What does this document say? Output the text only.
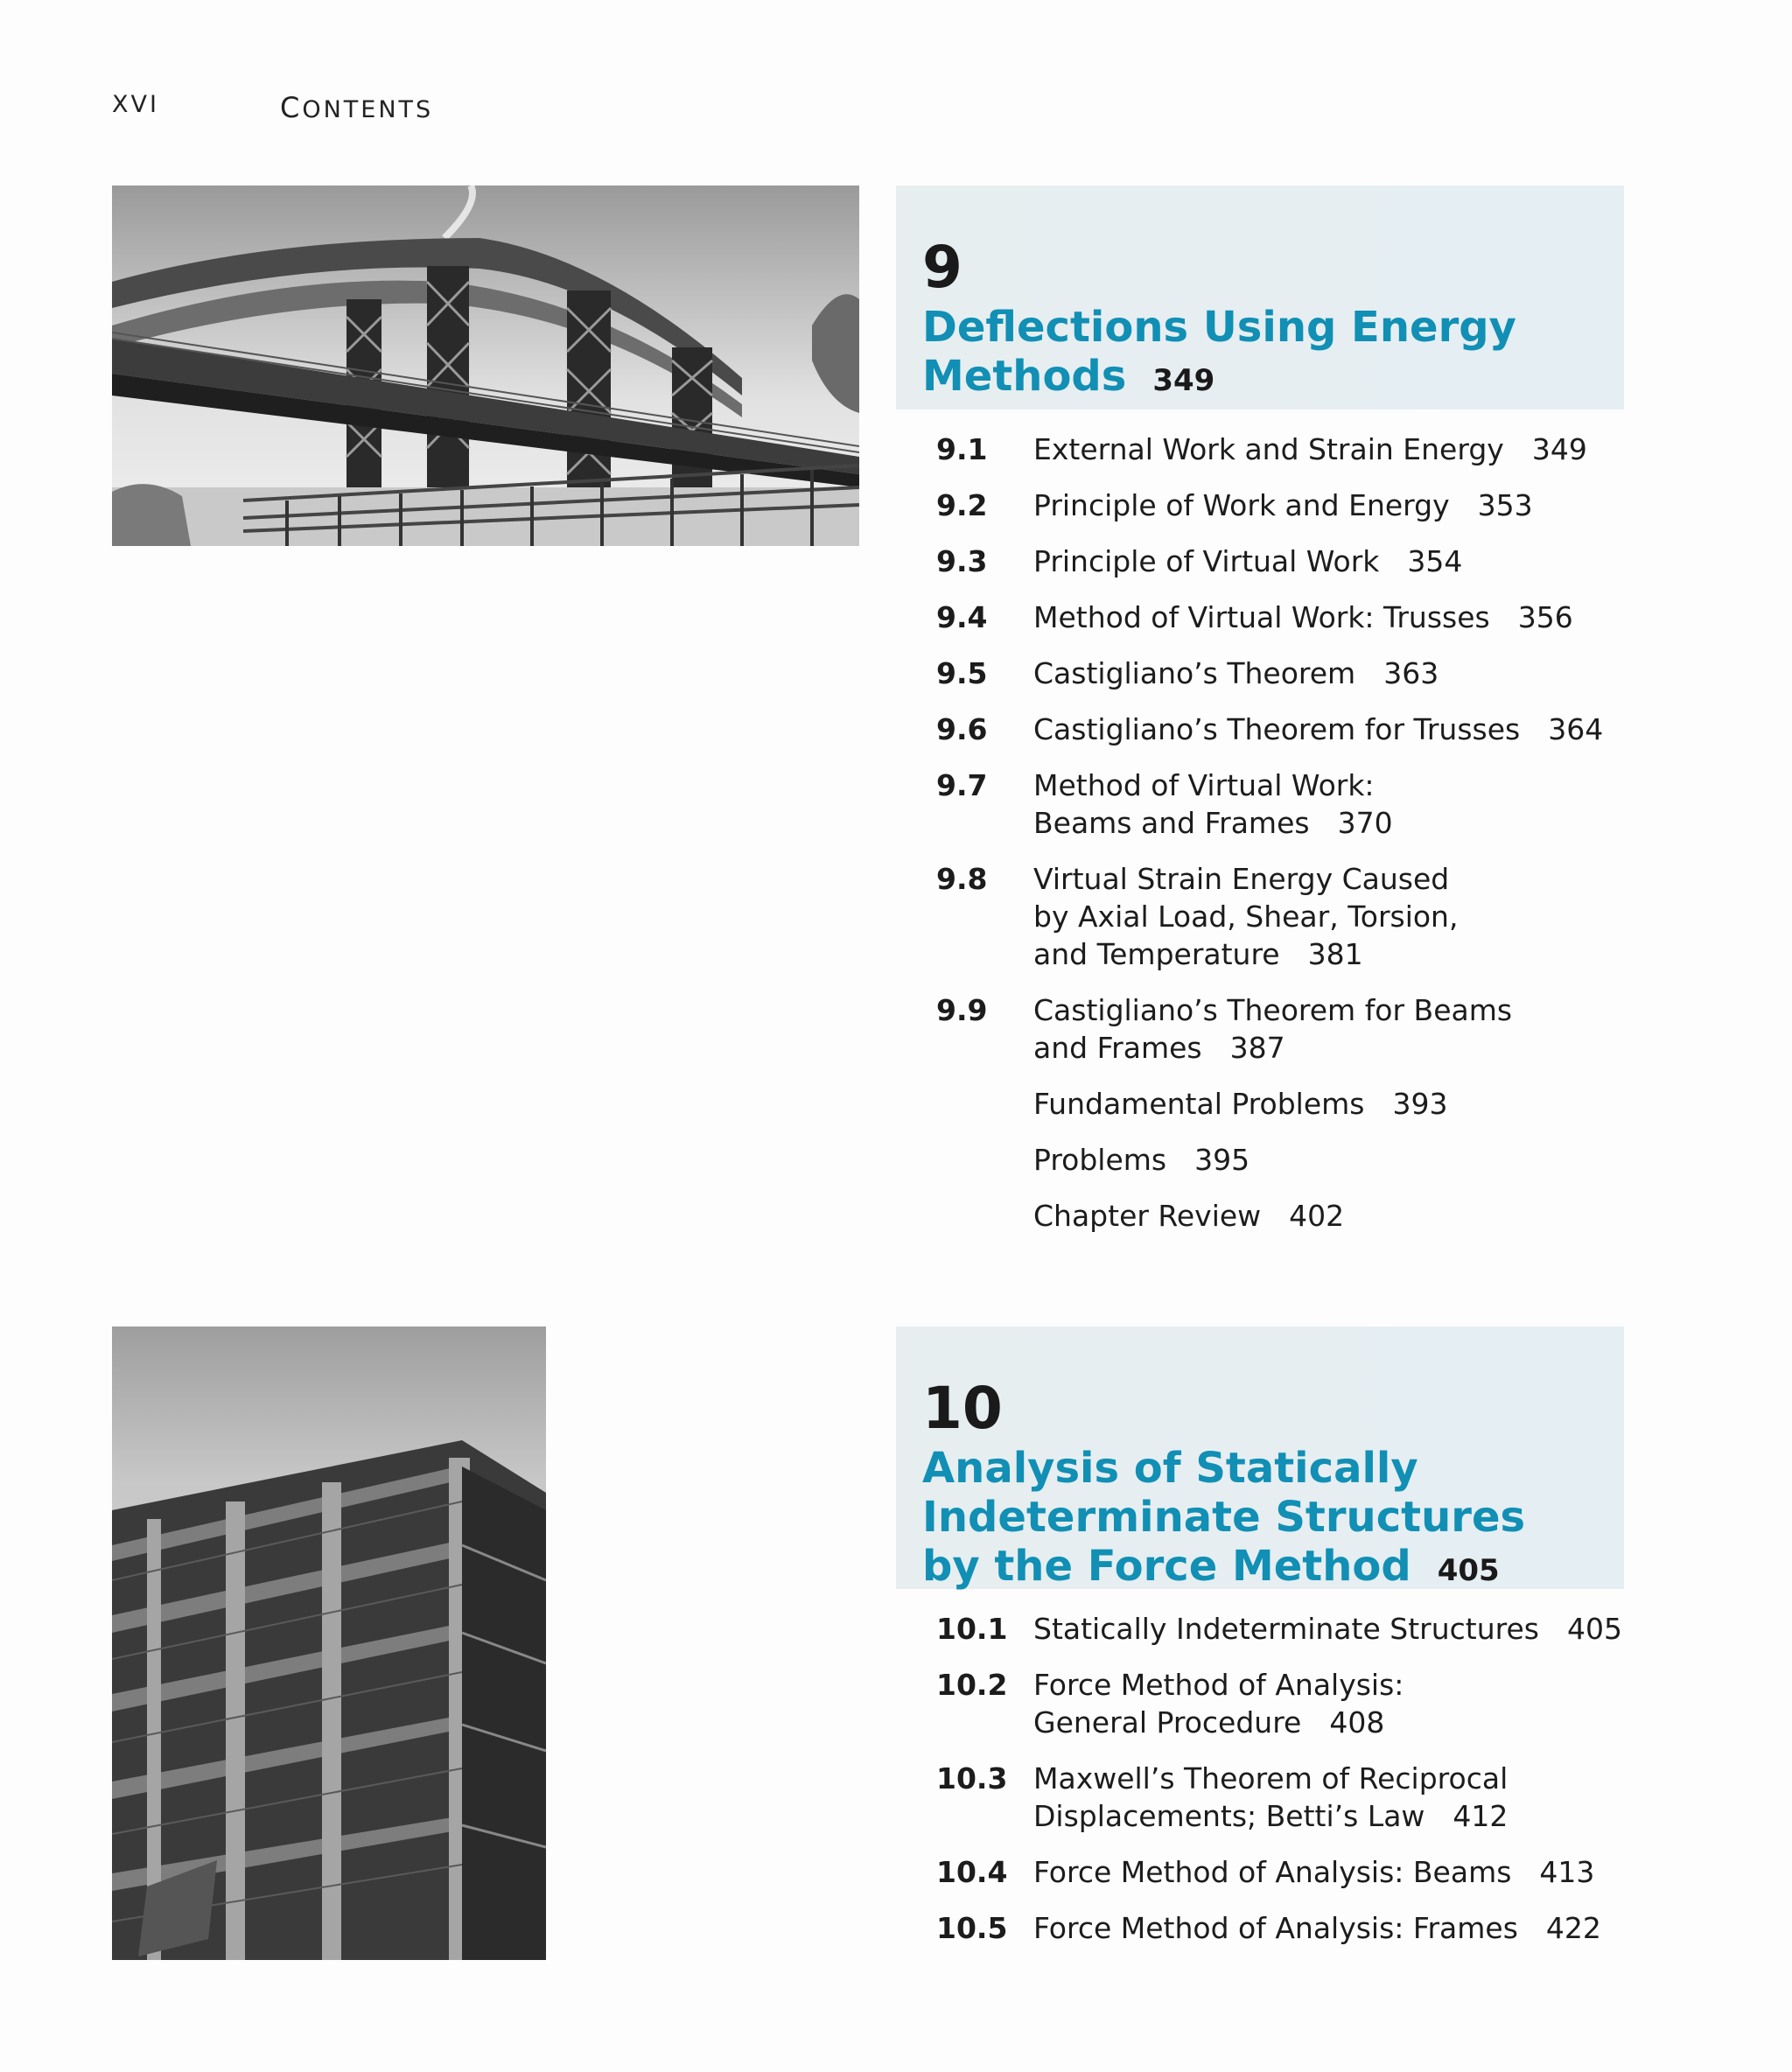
XVI	CONTENTS
9
Deflections Using Energy
Methods 349
9.1 External Work and Strain Energy 349
9.2 Principle of Work and Energy 353
9.3 Principle of Virtual Work 354
9.4 Method of Virtual Work: Trusses 356
9.5 Castigliano’s Theorem 363
9.6 Castigliano’s Theorem for Trusses 364
9.7 Method of Virtual Work:
Beams and Frames 370
9.8 Virtual Strain Energy Caused
by Axial Load, Shear, Torsion,
and Temperature 381
9.9 Castigliano’s Theorem for Beams
and Frames 387
Fundamental Problems 393
Problems 395
Chapter Review 402
10
Analysis of Statically
Indeterminate Structures
by the Force Method 405
10.1 Statically Indeterminate Structures 405
10.2 Force Method of Analysis:
General Procedure 408
10.3 Maxwell’s Theorem of Reciprocal
Displacements; Betti’s Law 412
10.4 Force Method of Analysis: Beams 413
10.5 Force Method of Analysis: Frames 422
